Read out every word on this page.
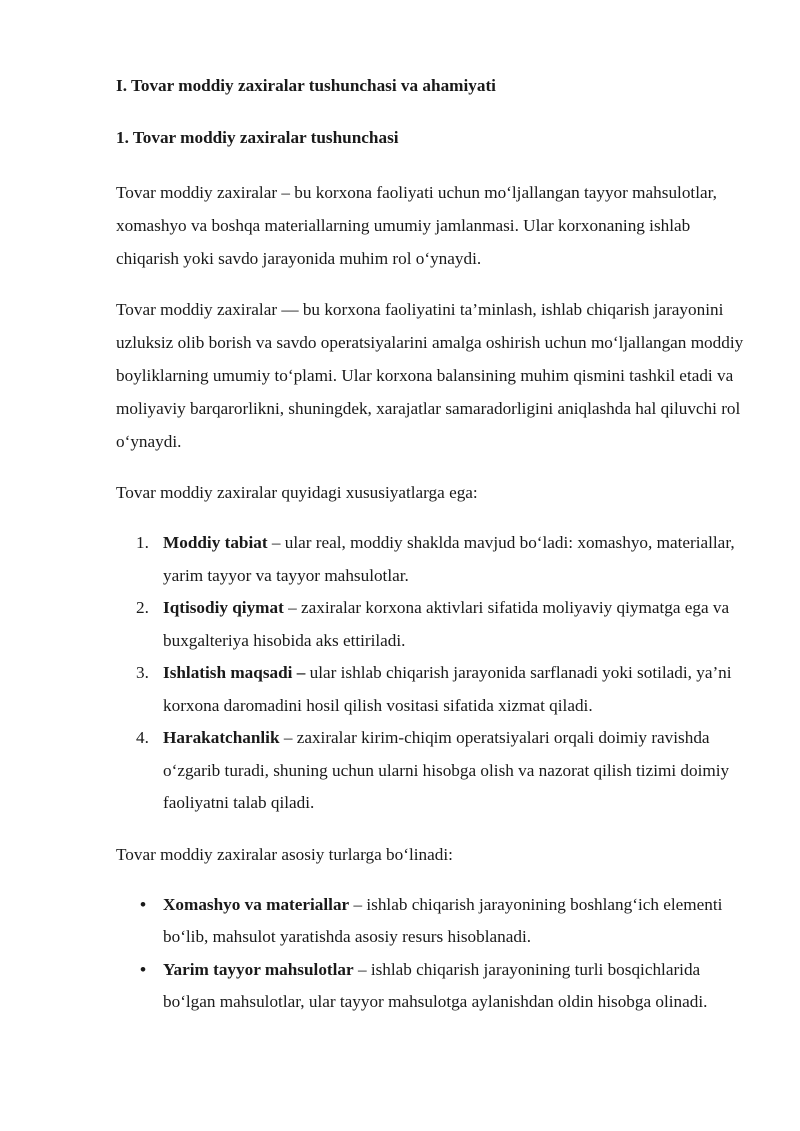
I. Tovar moddiy zaxiralar tushunchasi va ahamiyati

1. Tovar moddiy zaxiralar tushunchasi

Tovar moddiy zaxiralar – bu korxona faoliyati uchun mo‘ljallangan tayyor mahsulotlar, xomashyo va boshqa materiallarning umumiy jamlanmasi. Ular korxonaning ishlab chiqarish yoki savdo jarayonida muhim rol o‘ynaydi.

Tovar moddiy zaxiralar — bu korxona faoliyatini ta’minlash, ishlab chiqarish jarayonini uzluksiz olib borish va savdo operatsiyalarini amalga oshirish uchun mo‘ljallangan moddiy boyliklarning umumiy to‘plami. Ular korxona balansining muhim qismini tashkil etadi va moliyaviy barqarorlikni, shuningdek, xarajatlar samaradorligini aniqlashda hal qiluvchi rol o‘ynaydi.

Tovar moddiy zaxiralar quyidagi xususiyatlarga ega:

1. Moddiy tabiat – ular real, moddiy shaklda mavjud bo‘ladi: xomashyo, materiallar, yarim tayyor va tayyor mahsulotlar.
2. Iqtisodiy qiymat – zaxiralar korxona aktivlari sifatida moliyaviy qiymatga ega va buxgalteriya hisobida aks ettiriladi.
3. Ishlatish maqsadi – ular ishlab chiqarish jarayonida sarflanadi yoki sotiladi, ya’ni korxona daromadini hosil qilish vositasi sifatida xizmat qiladi.
4. Harakatchanlik – zaxiralar kirim-chiqim operatsiyalari orqali doimiy ravishda o‘zgarib turadi, shuning uchun ularni hisobga olish va nazorat qilish tizimi doimiy faoliyatni talab qiladi.

Tovar moddiy zaxiralar asosiy turlarga bo‘linadi:

• Xomashyo va materiallar – ishlab chiqarish jarayonining boshlang‘ich elementi bo‘lib, mahsulot yaratishda asosiy resurs hisoblanadi.
• Yarim tayyor mahsulotlar – ishlab chiqarish jarayonining turli bosqichlarida bo‘lgan mahsulotlar, ular tayyor mahsulotga aylanishdan oldin hisobga olinadi.
